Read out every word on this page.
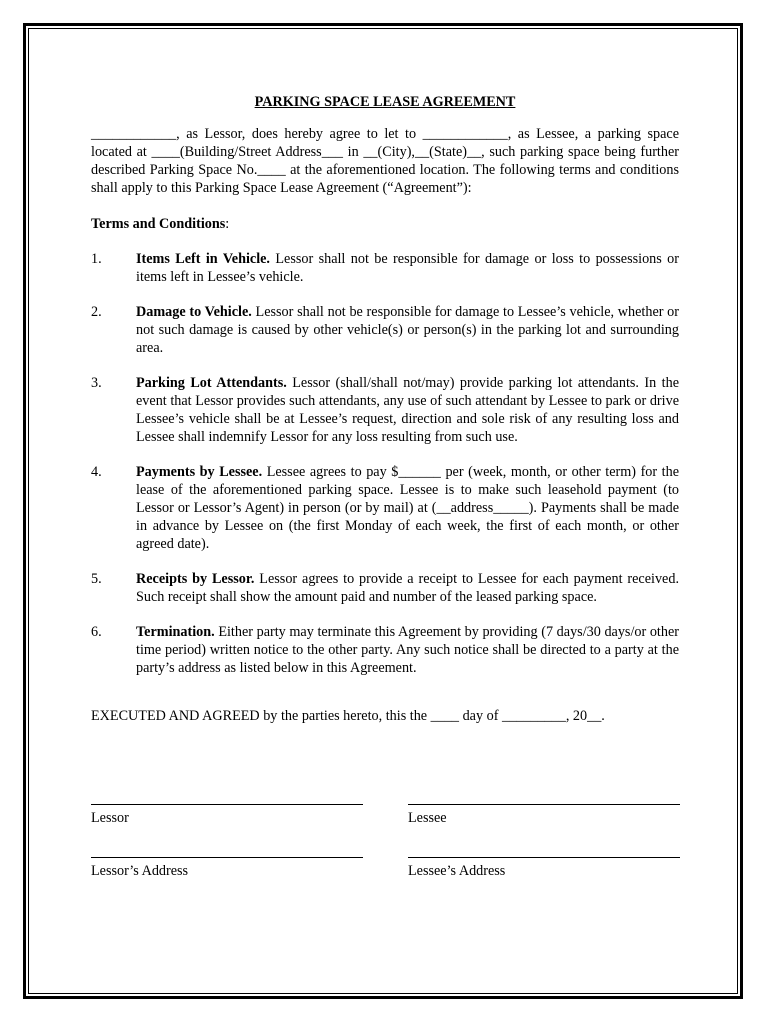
PARKING SPACE LEASE AGREEMENT

____________, as Lessor, does hereby agree to let to ____________, as Lessee, a parking space located at ____(Building/Street Address___ in __(City),__(State)__, such parking space being further described Parking Space No.____ at the aforementioned location. The following terms and conditions shall apply to this Parking Space Lease Agreement (“Agreement”):

Terms and Conditions:

1.	Items Left in Vehicle. Lessor shall not be responsible for damage or loss to possessions or items left in Lessee’s vehicle.
2.	Damage to Vehicle. Lessor shall not be responsible for damage to Lessee’s vehicle, whether or not such damage is caused by other vehicle(s) or person(s) in the parking lot and surrounding area.
3.	Parking Lot Attendants. Lessor (shall/shall not/may) provide parking lot attendants. In the event that Lessor provides such attendants, any use of such attendant by Lessee to park or drive Lessee’s vehicle shall be at Lessee’s request, direction and sole risk of any resulting loss and Lessee shall indemnify Lessor for any loss resulting from such use.
4.	Payments by Lessee. Lessee agrees to pay $______ per (week, month, or other term) for the lease of the aforementioned parking space. Lessee is to make such leasehold payment (to Lessor or Lessor’s Agent) in person (or by mail) at (__address_____). Payments shall be made in advance by Lessee on (the first Monday of each week, the first of each month, or other agreed date).
5.	Receipts by Lessor. Lessor agrees to provide a receipt to Lessee for each payment received. Such receipt shall show the amount paid and number of the leased parking space.
6.	Termination. Either party may terminate this Agreement by providing (7 days/30 days/or other time period) written notice to the other party. Any such notice shall be directed to a party at the party’s address as listed below in this Agreement.

EXECUTED AND AGREED by the parties hereto, this the ____ day of _________, 20__.

Lessor	Lessee
Lessor’s Address	Lessee’s Address
